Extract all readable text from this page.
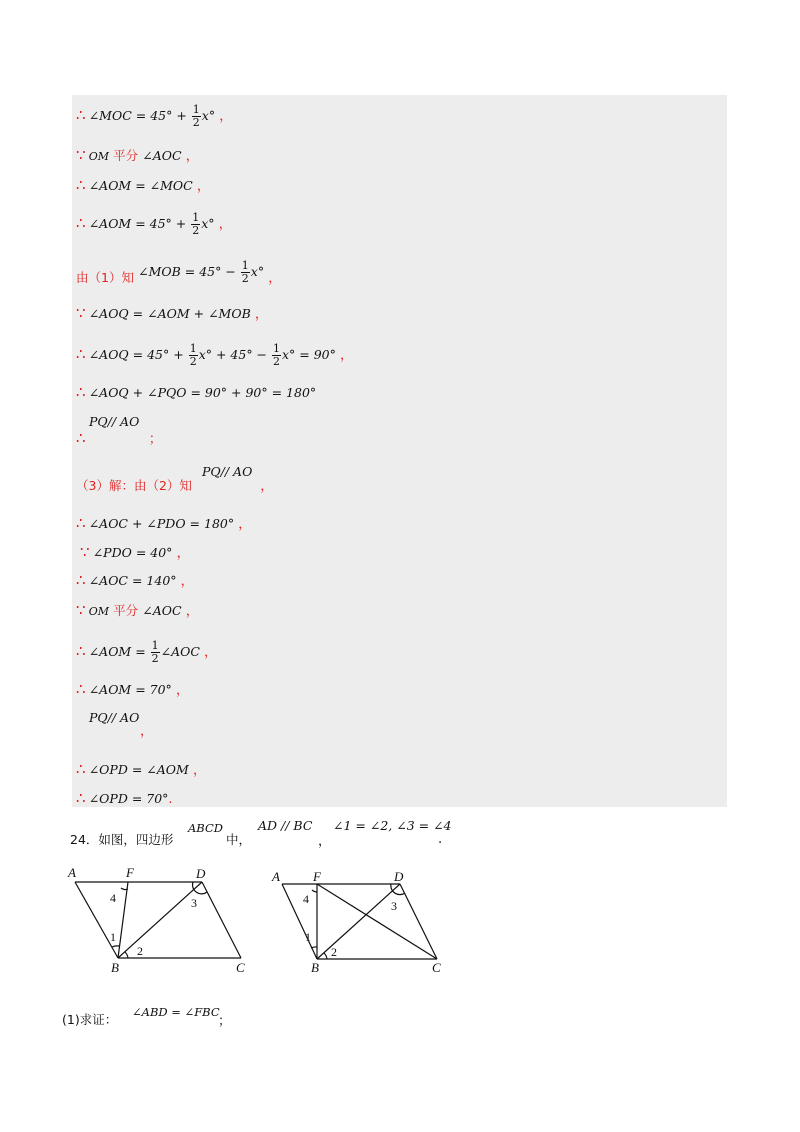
∴ ∠MOC = $45^\circ + \frac{1}{2} x^\circ$ ，
∵ OM 平分 ∠AOC ，
∴ ∠AOM = ∠MOC ，
∴ ∠AOM = $45^\circ + \frac{1}{2} x^\circ$ ，
由（1）知 ∠MOB = $45^\circ - \frac{1}{2} x^\circ$ ，
∵ ∠AOQ = ∠AOM + ∠MOB ，
∴ ∠AOQ = $45^\circ + \frac{1}{2} x^\circ + 45^\circ - \frac{1}{2} x^\circ = 90^\circ$ ，
∴ ∠AOQ + ∠PQO = 90° + 90° = 180°
PQ// AO
∴	；
PQ// AO
（3）解：由（2）知	，
∴ ∠AOC + ∠PDO = 180° ，
∵ ∠PDO = 40° ，
∴ ∠AOC = 140° ，
∵ OM 平分 ∠AOC ，
∴ ∠AOM = $\frac{1}{2}$ ∠AOC ，
∴ ∠AOM = 70° ，
PQ// AO
，
∴ ∠OPD = ∠AOM ，
∴ ∠OPD = 70°.
24．如图，四边形
ABCD
中，
AD // BC
，
∠1 = ∠2, ∠3 = ∠4
.
A	F	D
B	C
4
1
2
3
A	F	D
B	C
4
1
2
3
(1)求证： ∠ABD = ∠FBC
；
